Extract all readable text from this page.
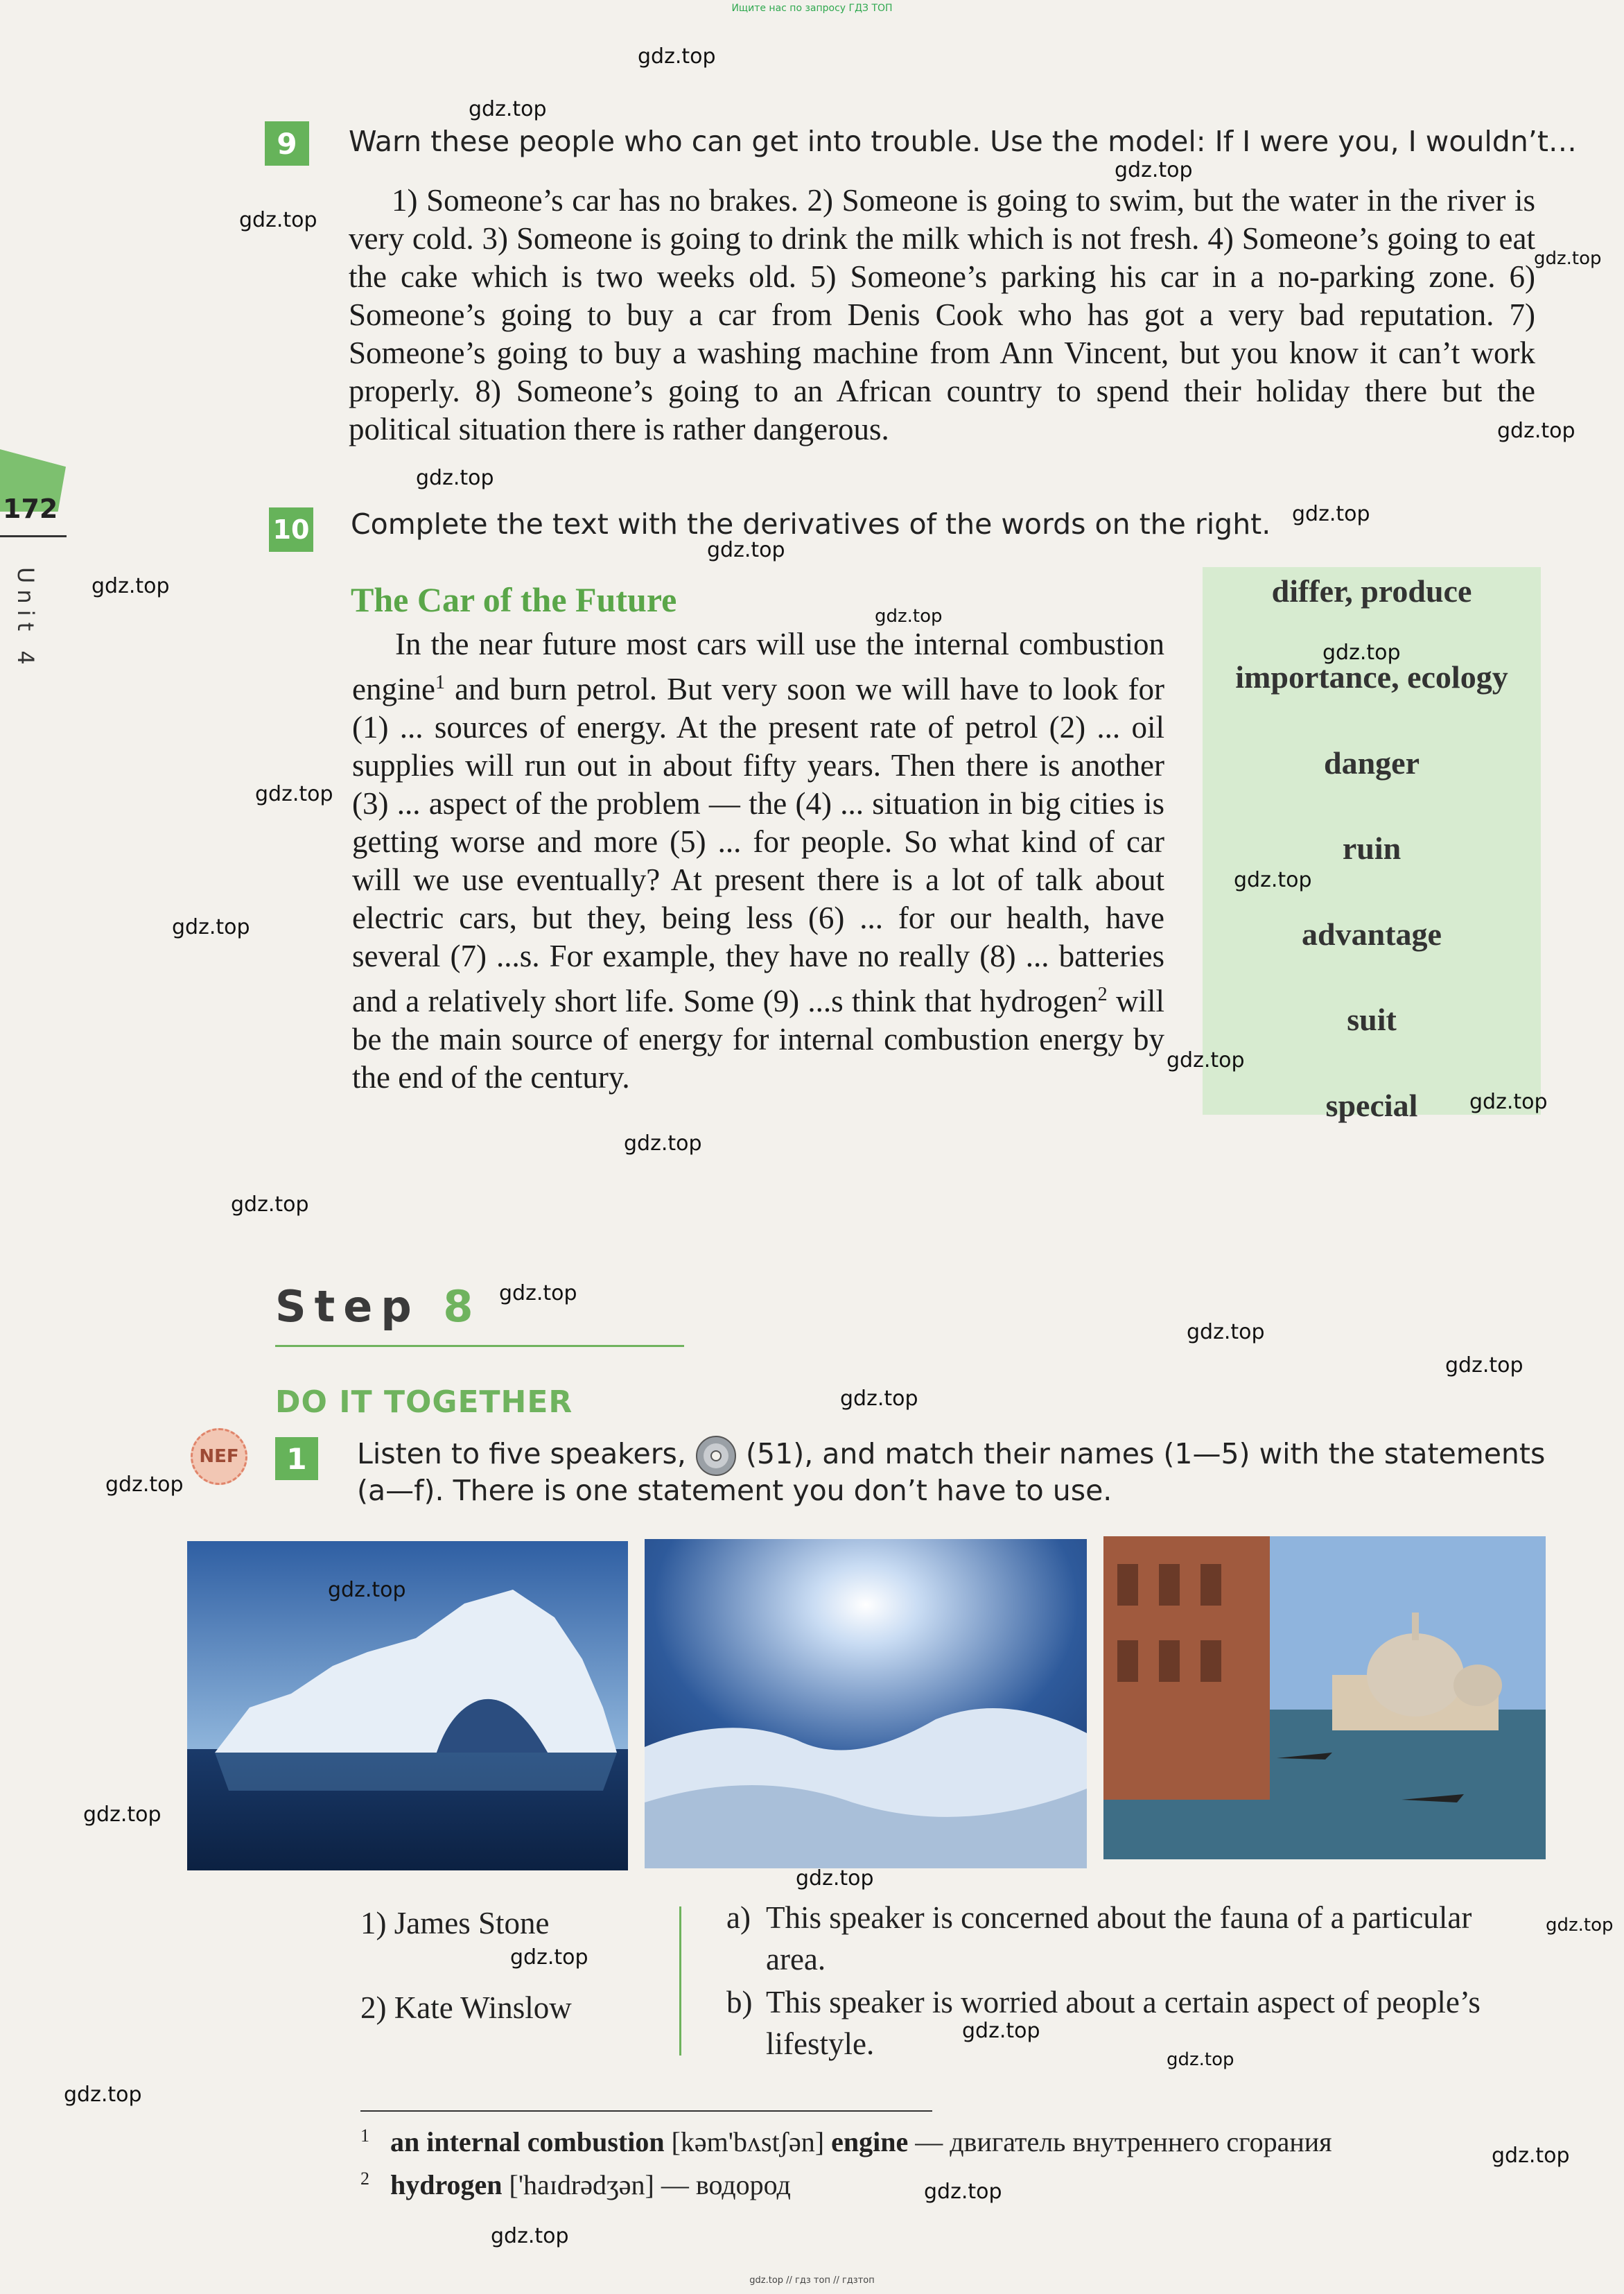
Ищите нас по запросу ГДЗ ТОП
gdz.top // гдз топ // гдзтоп
172
Unit 4
9	Warn these people who can get into trouble. Use the model: If I were you, I wouldn’t…

1) Someone’s car has no brakes. 2) Someone is going to swim, but the water in the river is very cold. 3) Someone is going to drink the milk which is not fresh. 4) Someone’s going to eat the cake which is two weeks old. 5) Someone’s parking his car in a no-parking zone. 6) Someone’s going to buy a car from Denis Cook who has got a very bad reputation. 7) Someone’s going to buy a washing machine from Ann Vincent, but you know it can’t work properly. 8) Someone’s going to an African country to spend their holiday there but the political situation there is rather dangerous.

10 Complete the text with the derivatives of the words on the right.
differ, produce
importance, ecology
danger
ruin
advantage
suit
special
The Car of the Future

In the near future most cars will use the internal combustion engine$^1$ and burn petrol. But very soon we will have to look for (1) ... sources of energy. At the present rate of petrol (2) ... oil supplies will run out in about fifty years. Then there is another (3) ... aspect of the problem — the (4) ... situation in big cities is getting worse and more (5) ... for people. So what kind of car will we use eventually? At present there is a lot of talk about electric cars, but they, being less (6) ... for our health, have several (7) ...s. For example, they have no really (8) ... batteries and a relatively short life. Some (9) ...s think that hydrogen$^2$ will be the main source of energy for internal combustion energy by the end of the century.

Step 8
DO IT TOGETHER
NEF	1	Listen to five speakers, (51), and match their names (1—5) with the statements
(a—f). There is one statement you don’t have to use.
1) James Stone
2) Kate Winslow
a) This speaker is concerned about the fauna of a particular
area.
b) This speaker is worried about a certain aspect of people’s
lifestyle.
$^1$ an internal combustion [kəm'bʌstʃən] engine — двигатель внутреннего сгорания
$^2$ hydrogen ['haɪdrədʒən] — водород
gdz.top
gdz.top
gdz.top
gdz.top
gdz.top
gdz.top
gdz.top
gdz.top
gdz.top
gdz.top
gdz.top
gdz.top
gdz.top
gdz.top
gdz.top
gdz.top
gdz.top
gdz.top
gdz.top
gdz.top
gdz.top
gdz.top
gdz.top
gdz.top
gdz.top
gdz.top
gdz.top
gdz.top
gdz.top
gdz.top
gdz.top
gdz.top
gdz.top
gdz.top
gdz.top
